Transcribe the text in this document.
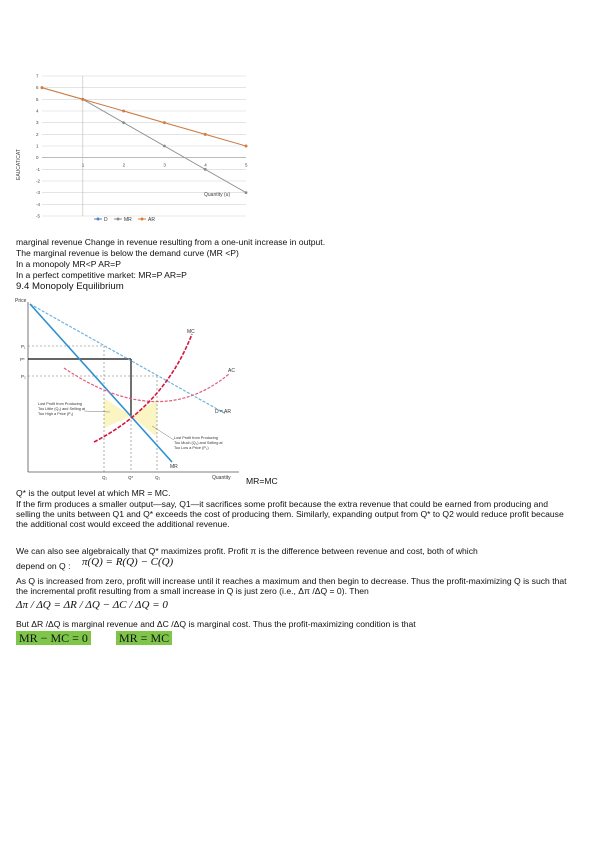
7
6
5
4
3
2
1
0
-1
-2
-3
-4
-5
1	2	3	4	5
EAUCAT/CAT
Quantity (u)
D	MR	AR

marginal revenue Change in revenue resulting from a one-unit increase in output.

The marginal revenue is below the demand curve (MR <P)

In a monopoly MR<P AR=P

In a perfect competitive market: MR=P AR=P

9.4 Monopoly Equilibrium
Price
Quantity
MC
AC
D = AR
MR
P₁
P*
P₂
Q₁	Q*	Q₂
Lost Profit from Producing
Too Little (Q₁) and Selling at
Too High a Price (P₁)
Lost Profit from Producing
Too Much (Q₂) and Selling at
Too Low a Price (P₂)

MR=MC

Q* is the output level at which MR = MC.

If the firm produces a smaller output—say, Q1—it sacrifices some profit because the extra revenue that could be earned from producing and selling the units between Q1 and Q* exceeds the cost of producing them. Similarly, expanding output from Q* to Q2 would reduce profit because the additional cost would exceed the additional revenue.

We can also see algebraically that Q* maximizes profit. Profit π is the difference between revenue and cost, both of which

depend on Q : π(Q) = R(Q) − C(Q)

As Q is increased from zero, profit will increase until it reaches a maximum and then begin to decrease. Thus the profit-maximizing Q is such that the incremental profit resulting from a small increase in Q is just zero (i.e., Δπ /ΔQ = 0). Then

Δπ / ΔQ = ΔR / ΔQ − ΔC / ΔQ = 0

But ΔR /ΔQ is marginal revenue and ΔC /ΔQ is marginal cost. Thus the profit-maximizing condition is that

MR − MC = 0	MR = MC
